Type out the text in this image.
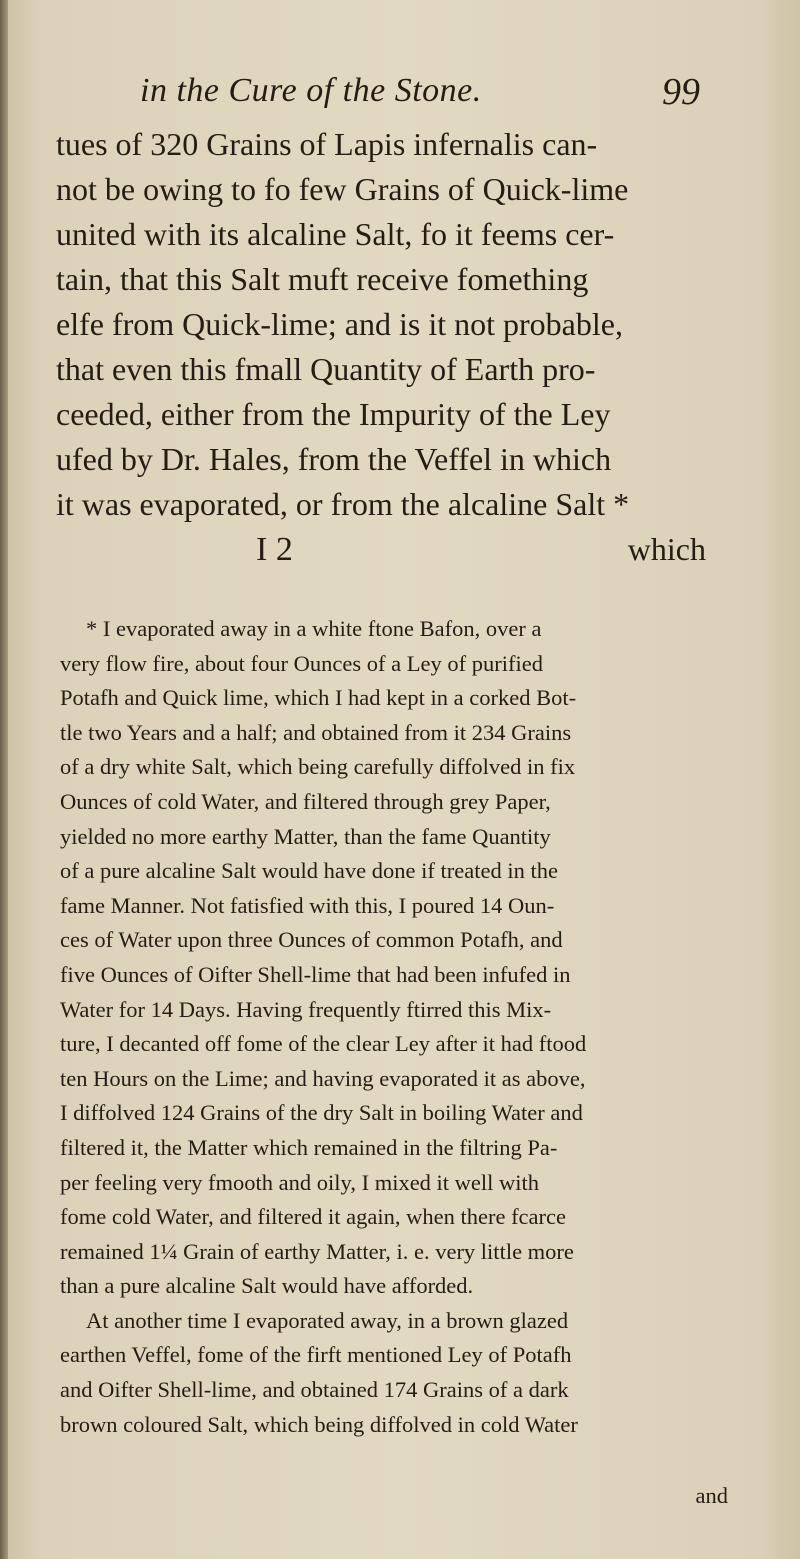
in the Cure of the Stone.	99
tues of 320 Grains of Lapis infernalis can-
not be owing to fo few Grains of Quick-lime
united with its alcaline Salt, fo it feems cer-
tain, that this Salt muft receive fomething
elfe from Quick-lime; and is it not probable,
that even this fmall Quantity of Earth pro-
ceeded, either from the Impurity of the Ley
ufed by Dr. Hales, from the Veffel in which
it was evaporated, or from the alcaline Salt *
I 2	which
* I evaporated away in a white ftone Bafon, over a
very flow fire, about four Ounces of a Ley of purified
Potafh and Quick lime, which I had kept in a corked Bot-
tle two Years and a half; and obtained from it 234 Grains
of a dry white Salt, which being carefully diffolved in fix
Ounces of cold Water, and filtered through grey Paper,
yielded no more earthy Matter, than the fame Quantity
of a pure alcaline Salt would have done if treated in the
fame Manner. Not fatisfied with this, I poured 14 Oun-
ces of Water upon three Ounces of common Potafh, and
five Ounces of Oifter Shell-lime that had been infufed in
Water for 14 Days. Having frequently ftirred this Mix-
ture, I decanted off fome of the clear Ley after it had ftood
ten Hours on the Lime; and having evaporated it as above,
I diffolved 124 Grains of the dry Salt in boiling Water and
filtered it, the Matter which remained in the filtring Pa-
per feeling very fmooth and oily, I mixed it well with
fome cold Water, and filtered it again, when there fcarce
remained 1¼ Grain of earthy Matter, i. e. very little more
than a pure alcaline Salt would have afforded.
At another time I evaporated away, in a brown glazed
earthen Veffel, fome of the firft mentioned Ley of Potafh
and Oifter Shell-lime, and obtained 174 Grains of a dark
brown coloured Salt, which being diffolved in cold Water
and
